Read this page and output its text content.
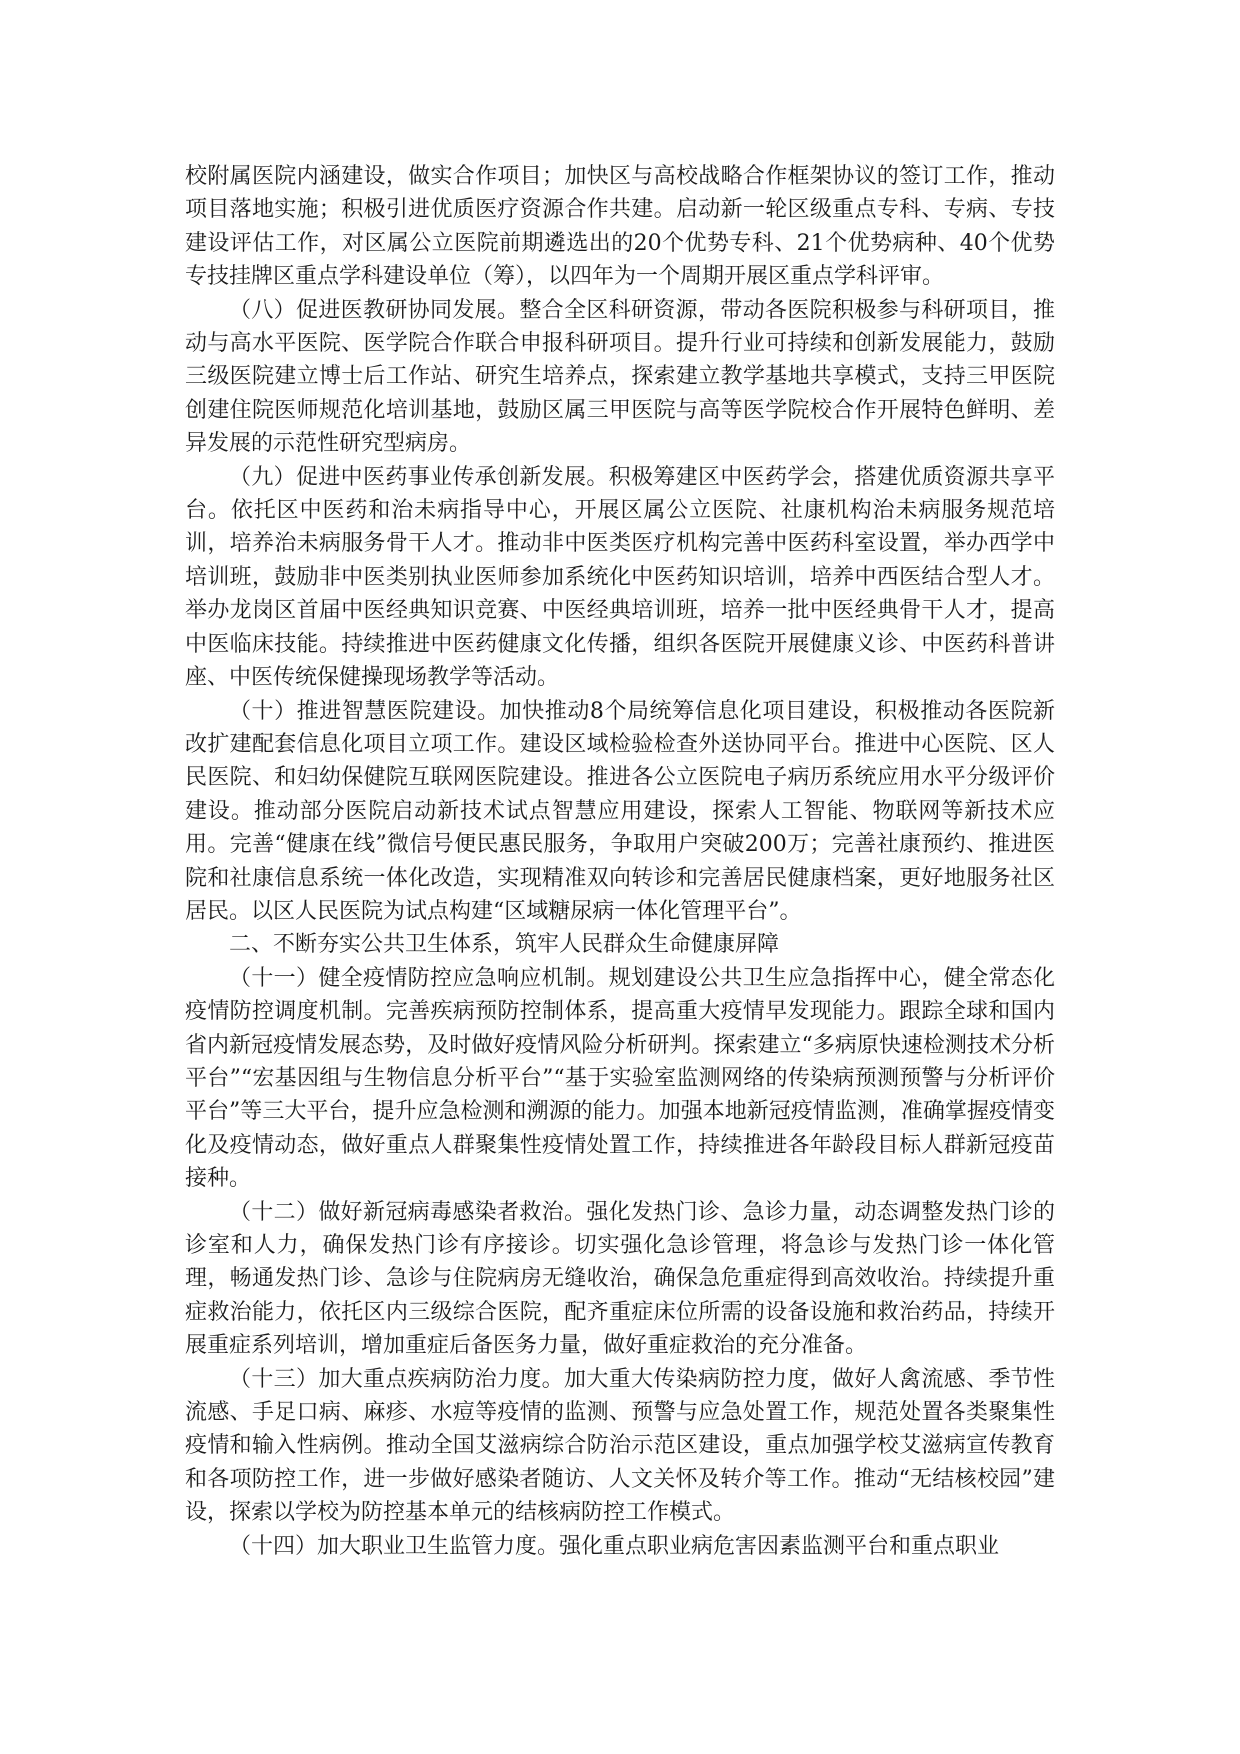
校附属医院内涵建设，做实合作项目；加快区与高校战略合作框架协议的签订工作，推动项目落地实施；积极引进优质医疗资源合作共建。启动新一轮区级重点专科、专病、专技建设评估工作，对区属公立医院前期遴选出的20个优势专科、21个优势病种、40个优势专技挂牌区重点学科建设单位（筹），以四年为一个周期开展区重点学科评审。

（八）促进医教研协同发展。整合全区科研资源，带动各医院积极参与科研项目，推动与高水平医院、医学院合作联合申报科研项目。提升行业可持续和创新发展能力，鼓励三级医院建立博士后工作站、研究生培养点，探索建立教学基地共享模式，支持三甲医院创建住院医师规范化培训基地，鼓励区属三甲医院与高等医学院校合作开展特色鲜明、差异发展的示范性研究型病房。

（九）促进中医药事业传承创新发展。积极筹建区中医药学会，搭建优质资源共享平台。依托区中医药和治未病指导中心，开展区属公立医院、社康机构治未病服务规范培训，培养治未病服务骨干人才。推动非中医类医疗机构完善中医药科室设置，举办西学中培训班，鼓励非中医类别执业医师参加系统化中医药知识培训，培养中西医结合型人才。举办龙岗区首届中医经典知识竞赛、中医经典培训班，培养一批中医经典骨干人才，提高中医临床技能。持续推进中医药健康文化传播，组织各医院开展健康义诊、中医药科普讲座、中医传统保健操现场教学等活动。

（十）推进智慧医院建设。加快推动8个局统筹信息化项目建设，积极推动各医院新改扩建配套信息化项目立项工作。建设区域检验检查外送协同平台。推进中心医院、区人民医院、和妇幼保健院互联网医院建设。推进各公立医院电子病历系统应用水平分级评价建设。推动部分医院启动新技术试点智慧应用建设，探索人工智能、物联网等新技术应用。完善“健康在线”微信号便民惠民服务，争取用户突破200万；完善社康预约、推进医院和社康信息系统一体化改造，实现精准双向转诊和完善居民健康档案，更好地服务社区居民。以区人民医院为试点构建“区域糖尿病一体化管理平台”。

二、不断夯实公共卫生体系，筑牢人民群众生命健康屏障

（十一）健全疫情防控应急响应机制。规划建设公共卫生应急指挥中心，健全常态化疫情防控调度机制。完善疾病预防控制体系，提高重大疫情早发现能力。跟踪全球和国内省内新冠疫情发展态势，及时做好疫情风险分析研判。探索建立“多病原快速检测技术分析平台”“宏基因组与生物信息分析平台”“基于实验室监测网络的传染病预测预警与分析评价平台”等三大平台，提升应急检测和溯源的能力。加强本地新冠疫情监测，准确掌握疫情变化及疫情动态，做好重点人群聚集性疫情处置工作，持续推进各年龄段目标人群新冠疫苗接种。

（十二）做好新冠病毒感染者救治。强化发热门诊、急诊力量，动态调整发热门诊的诊室和人力，确保发热门诊有序接诊。切实强化急诊管理，将急诊与发热门诊一体化管理，畅通发热门诊、急诊与住院病房无缝收治，确保急危重症得到高效收治。持续提升重症救治能力，依托区内三级综合医院，配齐重症床位所需的设备设施和救治药品，持续开展重症系列培训，增加重症后备医务力量，做好重症救治的充分准备。

（十三）加大重点疾病防治力度。加大重大传染病防控力度，做好人禽流感、季节性流感、手足口病、麻疹、水痘等疫情的监测、预警与应急处置工作，规范处置各类聚集性疫情和输入性病例。推动全国艾滋病综合防治示范区建设，重点加强学校艾滋病宣传教育和各项防控工作，进一步做好感染者随访、人文关怀及转介等工作。推动“无结核校园”建设，探索以学校为防控基本单元的结核病防控工作模式。

（十四）加大职业卫生监管力度。强化重点职业病危害因素监测平台和重点职业
